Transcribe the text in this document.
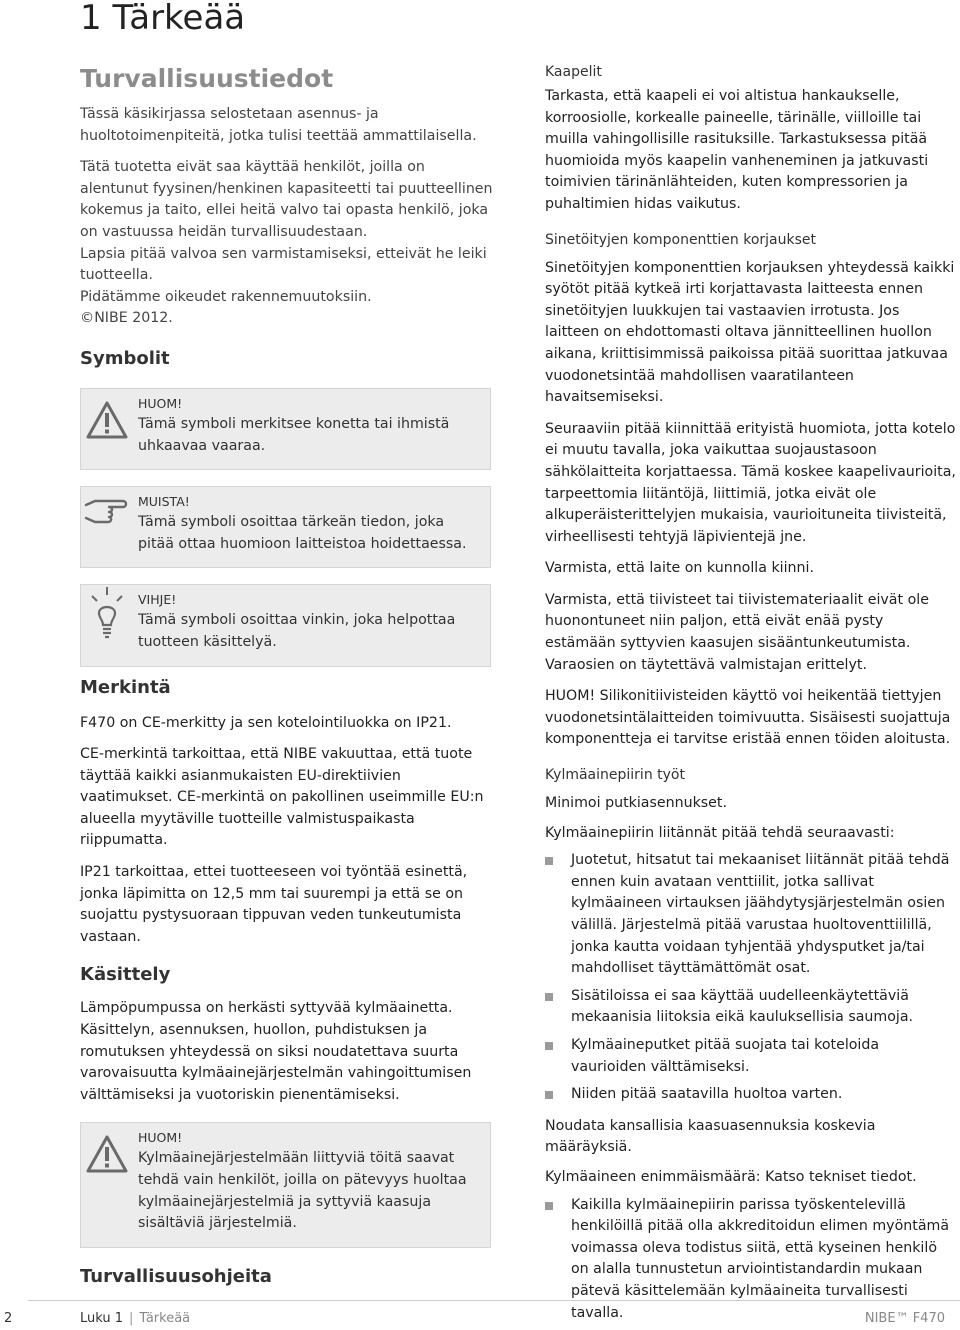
1 Tärkeää
Turvallisuustiedot

Tässä käsikirjassa selostetaan asennus- ja huoltotoimenpiteitä, jotka tulisi teettää ammattilaisella.

Tätä tuotetta eivät saa käyttää henkilöt, joilla on alentunut fyysinen/henkinen kapasiteetti tai puutteellinen kokemus ja taito, ellei heitä valvo tai opasta henkilö, joka on vastuussa heidän turvallisuudestaan.

Lapsia pitää valvoa sen varmistamiseksi, etteivät he leiki tuotteella.

Pidätämme oikeudet rakennemuutoksiin.

©NIBE 2012.

Symbolit
HUOM!
Tämä symboli merkitsee konetta tai ihmistä uhkaavaa vaaraa.
MUISTA!
Tämä symboli osoittaa tärkeän tiedon, joka pitää ottaa huomioon laitteistoa hoidettaessa.
VIHJE!
Tämä symboli osoittaa vinkin, joka helpottaa tuotteen käsittelyä.
Merkintä

F470 on CE-merkitty ja sen kotelointiluokka on IP21.

CE-merkintä tarkoittaa, että NIBE vakuuttaa, että tuote täyttää kaikki asianmukaisten EU-direktiivien vaatimukset. CE-merkintä on pakollinen useimmille EU:n alueella myytäville tuotteille valmistuspaikasta riippumatta.

IP21 tarkoittaa, ettei tuotteeseen voi työntää esinettä, jonka läpimitta on 12,5 mm tai suurempi ja että se on suojattu pystysuoraan tippuvan veden tunkeutumista vastaan.

Käsittely

Lämpöpumpussa on herkästi syttyvää kylmäainetta. Käsittelyn, asennuksen, huollon, puhdistuksen ja romutuksen yhteydessä on siksi noudatettava suurta varovaisuutta kylmäainejärjestelmän vahingoittumisen välttämiseksi ja vuotoriskin pienentämiseksi.

HUOM!
Kylmäainejärjestelmään liittyviä töitä saavat tehdä vain henkilöt, joilla on pätevyys huoltaa kylmäainejärjestelmiä ja syttyviä kaasuja sisältäviä järjestelmiä.
Turvallisuusohjeita
Kaapelit

Tarkasta, että kaapeli ei voi altistua hankaukselle, korroosiolle, korkealle paineelle, tärinälle, viilloille tai muilla vahingollisille rasituksille. Tarkastuksessa pitää huomioida myös kaapelin vanheneminen ja jatkuvasti toimivien tärinänlähteiden, kuten kompressorien ja puhaltimien hidas vaikutus.

Sinetöityjen komponenttien korjaukset

Sinetöityjen komponenttien korjauksen yhteydessä kaikki syötöt pitää kytkeä irti korjattavasta laitteesta ennen sinetöityjen luukkujen tai vastaavien irrotusta. Jos laitteen on ehdottomasti oltava jännitteellinen huollon aikana, kriittisimmissä paikoissa pitää suorittaa jatkuvaa vuodonetsintää mahdollisen vaaratilanteen havaitsemiseksi.

Seuraaviin pitää kiinnittää erityistä huomiota, jotta kotelo ei muutu tavalla, joka vaikuttaa suojaustasoon sähkölaitteita korjattaessa. Tämä koskee kaapelivaurioita, tarpeettomia liitäntöjä, liittimiä, jotka eivät ole alkuperäisterittelyjen mukaisia, vaurioituneita tiivisteitä, virheellisesti tehtyjä läpivientejä jne.

Varmista, että laite on kunnolla kiinni.

Varmista, että tiivisteet tai tiivistemateriaalit eivät ole huonontuneet niin paljon, että eivät enää pysty estämään syttyvien kaasujen sisääntunkeutumista. Varaosien on täytettävä valmistajan erittelyt.

HUOM! Silikonitiivisteiden käyttö voi heikentää tiettyjen vuodonetsintälaitteiden toimivuutta. Sisäisesti suojattuja komponentteja ei tarvitse eristää ennen töiden aloitusta.

Kylmäainepiirin työt

Minimoi putkiasennukset.

Kylmäainepiirin liitännät pitää tehdä seuraavasti:

Juotetut, hitsatut tai mekaaniset liitännät pitää tehdä ennen kuin avataan venttiilit, jotka sallivat kylmäaineen virtauksen jäähdytysjärjestelmän osien välillä. Järjestelmä pitää varustaa huoltoventtiilillä, jonka kautta voidaan tyhjentää yhdysputket ja/tai mahdolliset täyttämättömät osat.
Sisätiloissa ei saa käyttää uudelleenkäytettäviä mekaanisia liitoksia eikä kauluksellisia saumoja.
Kylmäaineputket pitää suojata tai koteloida vaurioiden välttämiseksi.
Niiden pitää saatavilla huoltoa varten.

Noudata kansallisia kaasuasennuksia koskevia määräyksiä.

Kylmäaineen enimmäismäärä: Katso tekniset tiedot.

Kaikilla kylmäainepiirin parissa työskentelevillä henkilöillä pitää olla akkreditoidun elimen myöntämä voimassa oleva todistus siitä, että kyseinen henkilö on alalla tunnustetun arviointistandardin mukaan pätevä käsittelemään kylmäaineita turvallisesti tavalla.
2	Luku 1 | Tärkeää	NIBE™ F470
